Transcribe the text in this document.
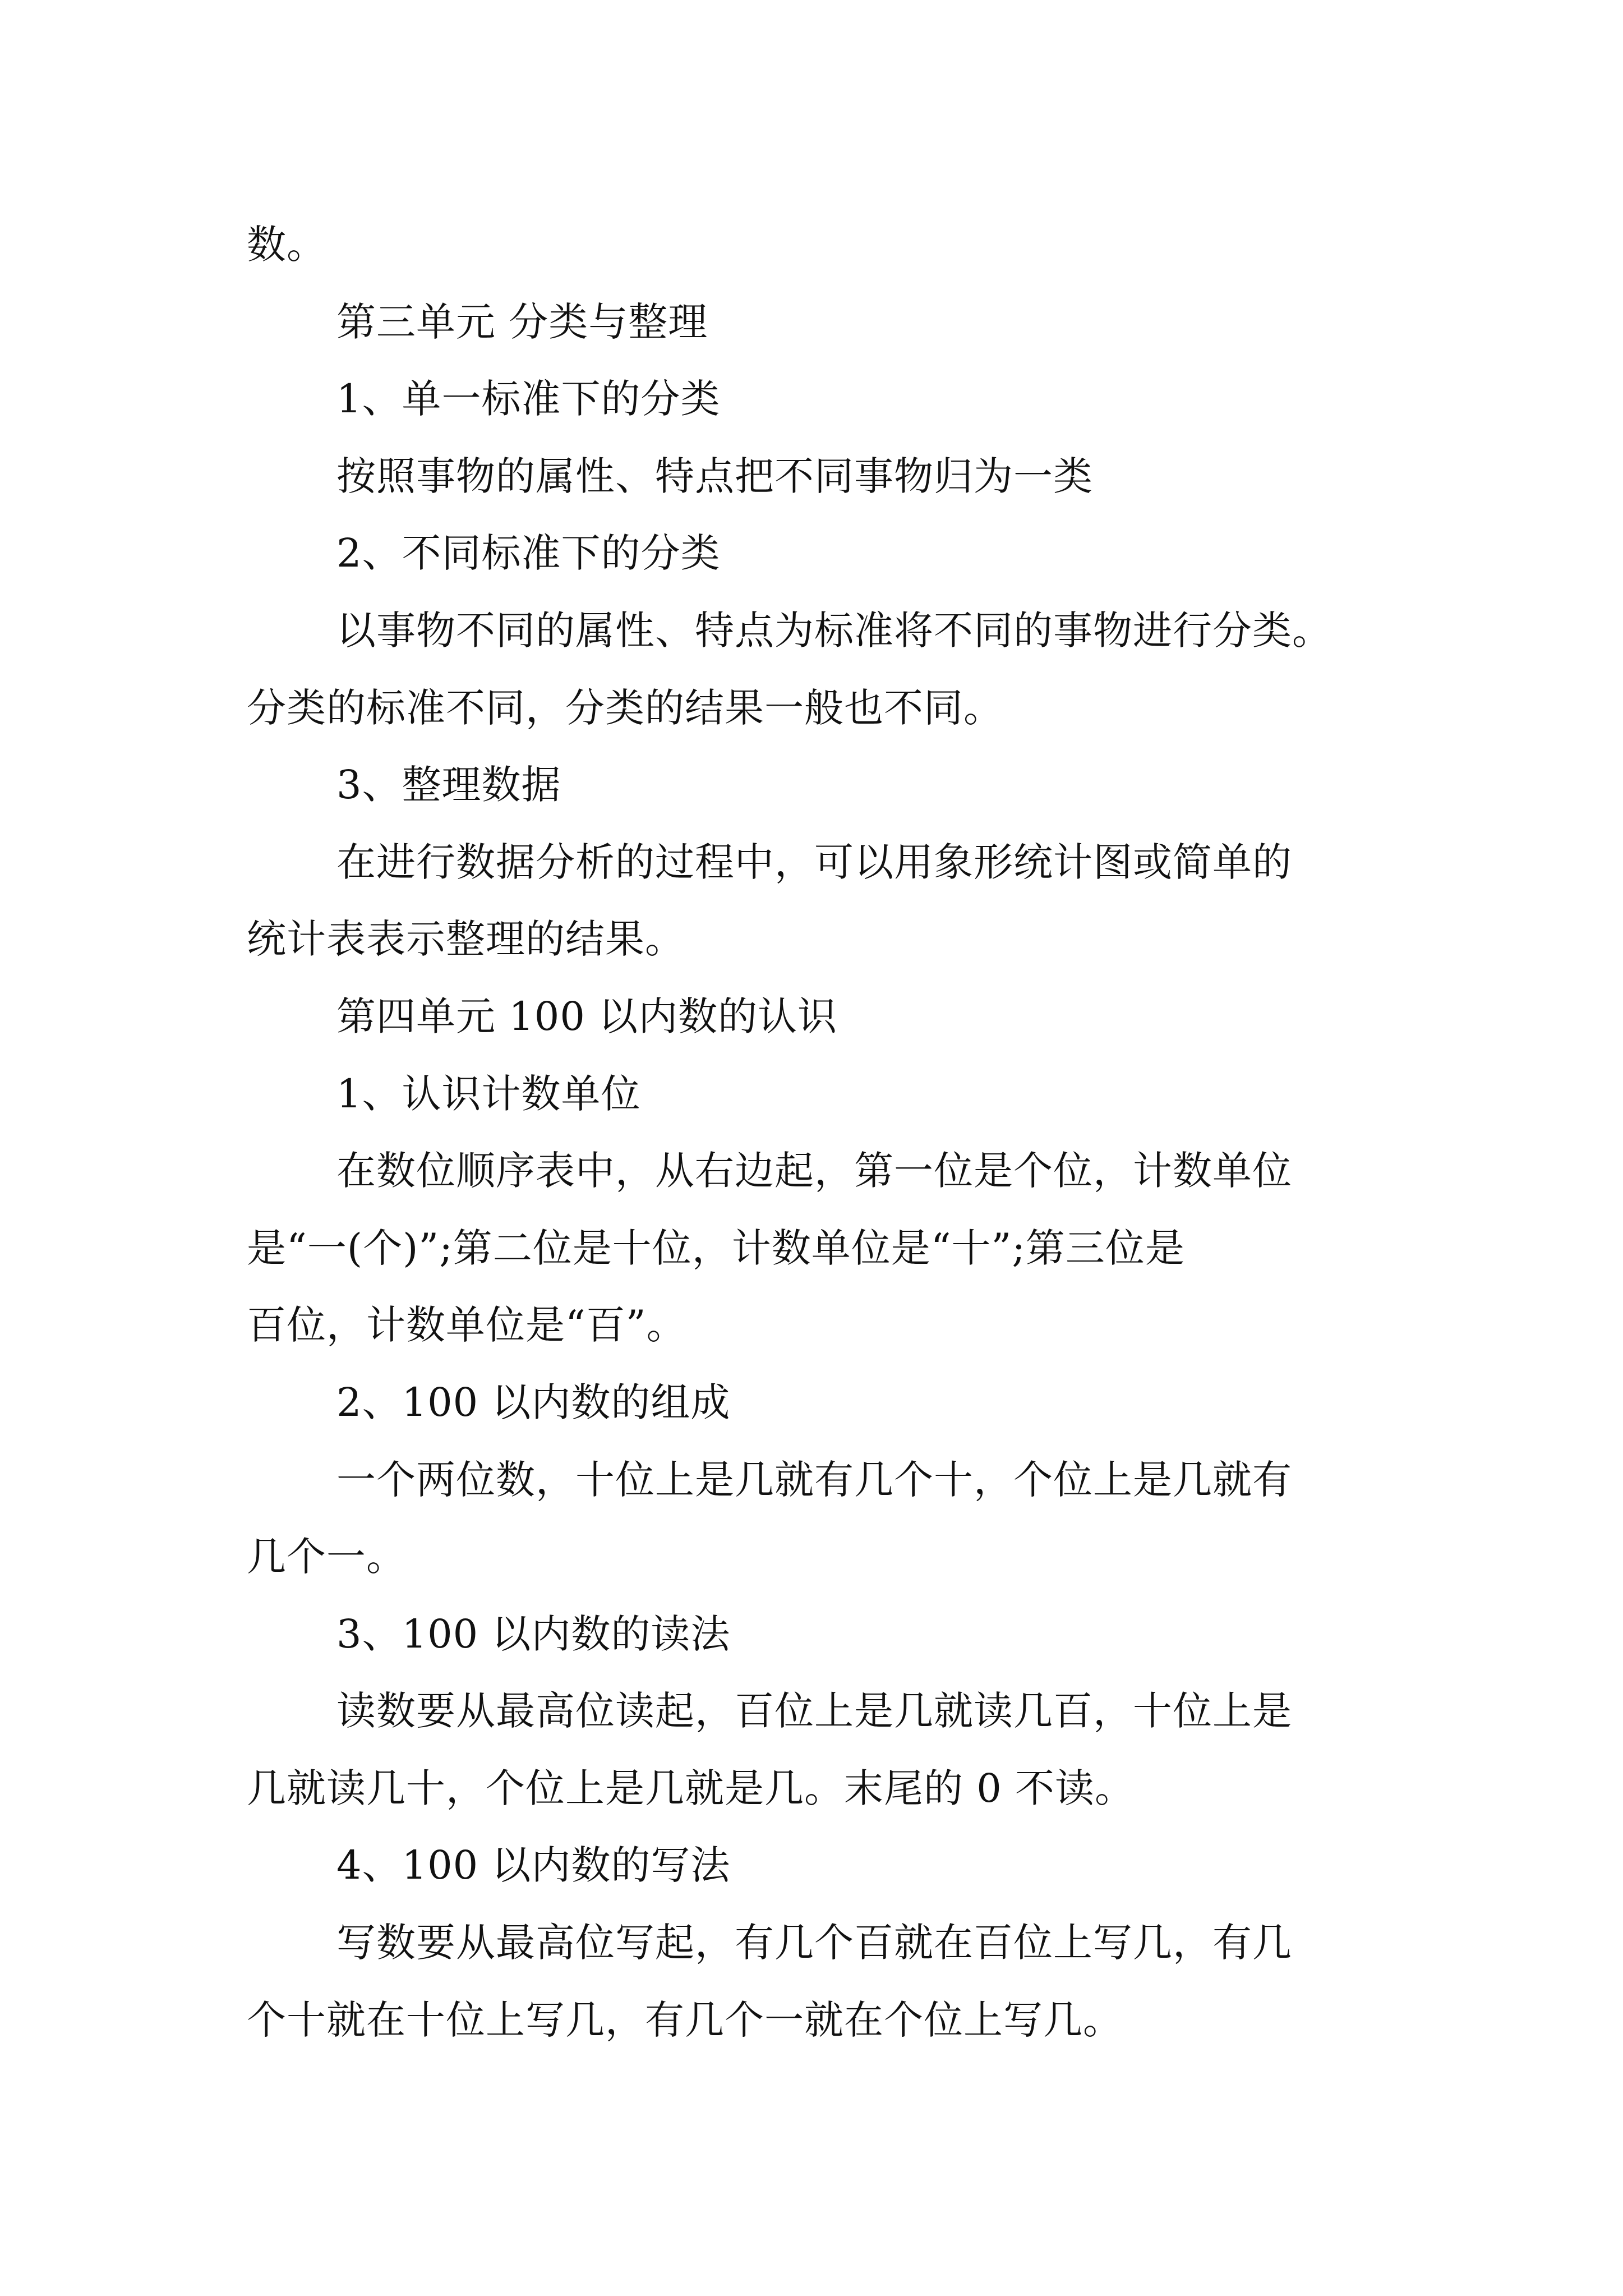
数。

第三单元 分类与整理

1、单一标准下的分类

按照事物的属性、特点把不同事物归为一类

2、不同标准下的分类

以事物不同的属性、特点为标准将不同的事物进行分类。

分类的标准不同，分类的结果一般也不同。

3、整理数据

在进行数据分析的过程中，可以用象形统计图或简单的

统计表表示整理的结果。

第四单元 100 以内数的认识

1、认识计数单位

在数位顺序表中，从右边起，第一位是个位，计数单位

是“一(个)”;第二位是十位，计数单位是“十”;第三位是

百位，计数单位是“百”。

2、100 以内数的组成

一个两位数，十位上是几就有几个十，个位上是几就有

几个一。

3、100 以内数的读法

读数要从最高位读起，百位上是几就读几百，十位上是

几就读几十，个位上是几就是几。末尾的 0 不读。

4、100 以内数的写法

写数要从最高位写起，有几个百就在百位上写几，有几

个十就在十位上写几，有几个一就在个位上写几。
